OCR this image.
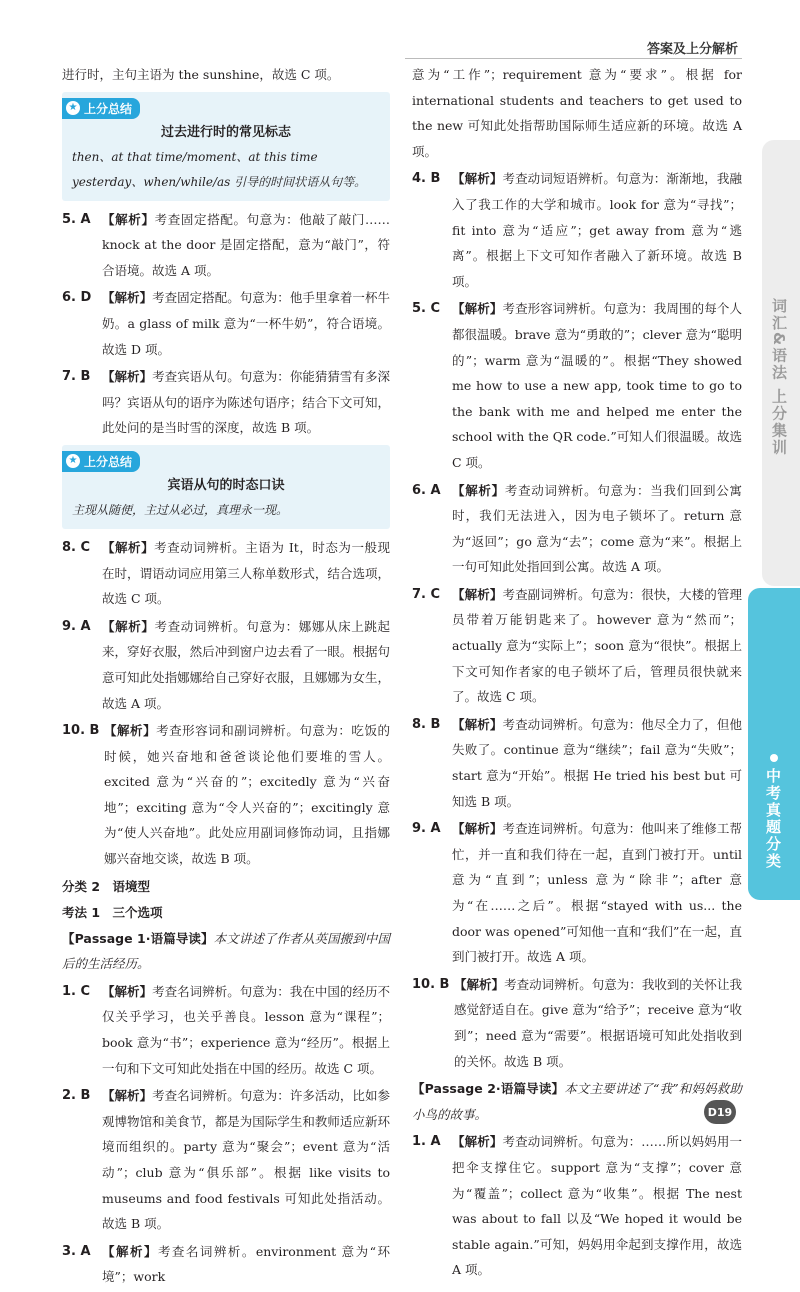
答案及上分解析

进行时，主句主语为 the sunshine，故选 C 项。

★ 上分总结
过去进行时的常见标志
then、at that time/moment、at this time yesterday、when/while/as 引导的时间状语从句等。

5. A 【解析】考查固定搭配。句意为：他敲了敲门……knock at the door 是固定搭配，意为“敲门”，符合语境。故选 A 项。

6. D 【解析】考查固定搭配。句意为：他手里拿着一杯牛奶。a glass of milk 意为“一杯牛奶”，符合语境。故选 D 项。

7. B 【解析】考查宾语从句。句意为：你能猜猜雪有多深吗？宾语从句的语序为陈述句语序；结合下文可知，此处问的是当时雪的深度，故选 B 项。

★ 上分总结
宾语从句的时态口诀
主现从随便，主过从必过，真理永一现。

8. C 【解析】考查动词辨析。主语为 It，时态为一般现在时，谓语动词应用第三人称单数形式，结合选项，故选 C 项。

9. A 【解析】考查动词辨析。句意为：娜娜从床上跳起来，穿好衣服，然后冲到窗户边去看了一眼。根据句意可知此处指娜娜给自己穿好衣服，且娜娜为女生，故选 A 项。

10. B 【解析】考查形容词和副词辨析。句意为：吃饭的时候，她兴奋地和爸爸谈论他们要堆的雪人。excited 意为“兴奋的”；excitedly 意为“兴奋地”；exciting 意为“令人兴奋的”；excitingly 意为“使人兴奋地”。此处应用副词修饰动词，且指娜娜兴奋地交谈，故选 B 项。

分类 2　语境型
考法 1　三个选项

【Passage 1·语篇导读】本文讲述了作者从英国搬到中国后的生活经历。

1. C 【解析】考查名词辨析。句意为：我在中国的经历不仅关乎学习，也关乎善良。lesson 意为“课程”；book 意为“书”；experience 意为“经历”。根据上一句和下文可知此处指在中国的经历。故选 C 项。

2. B 【解析】考查名词辨析。句意为：许多活动，比如参观博物馆和美食节，都是为国际学生和教师适应新环境而组织的。party 意为“聚会”；event 意为“活动”；club 意为“俱乐部”。根据 like visits to museums and food festivals 可知此处指活动。故选 B 项。

3. A 【解析】考查名词辨析。environment 意为“环境”；work

意为“工作”；requirement 意为“要求”。根据 for international students and teachers to get used to the new 可知此处指帮助国际师生适应新的环境。故选 A 项。

4. B 【解析】考查动词短语辨析。句意为：渐渐地，我融入了我工作的大学和城市。look for 意为“寻找”；fit into 意为“适应”；get away from 意为“逃离”。根据上下文可知作者融入了新环境。故选 B 项。

5. C 【解析】考查形容词辨析。句意为：我周围的每个人都很温暖。brave 意为“勇敢的”；clever 意为“聪明的”；warm 意为“温暖的”。根据“They showed me how to use a new app, took time to go to the bank with me and helped me enter the school with the QR code.”可知人们很温暖。故选 C 项。

6. A 【解析】考查动词辨析。句意为：当我们回到公寓时，我们无法进入，因为电子锁坏了。return 意为“返回”；go 意为“去”；come 意为“来”。根据上一句可知此处指回到公寓。故选 A 项。

7. C 【解析】考查副词辨析。句意为：很快，大楼的管理员带着万能钥匙来了。however 意为“然而”；actually 意为“实际上”；soon 意为“很快”。根据上下文可知作者家的电子锁坏了后，管理员很快就来了。故选 C 项。

8. B 【解析】考查动词辨析。句意为：他尽全力了，但他失败了。continue 意为“继续”；fail 意为“失败”；start 意为“开始”。根据 He tried his best but 可知选 B 项。

9. A 【解析】考查连词辨析。句意为：他叫来了维修工帮忙，并一直和我们待在一起，直到门被打开。until 意为“直到”；unless 意为“除非”；after 意为“在……之后”。根据“stayed with us... the door was opened”可知他一直和“我们”在一起，直到门被打开。故选 A 项。

10. B 【解析】考查动词辨析。句意为：我收到的关怀让我感觉舒适自在。give 意为“给予”；receive 意为“收到”；need 意为“需要”。根据语境可知此处指收到的关怀。故选 B 项。

【Passage 2·语篇导读】本文主要讲述了“我”和妈妈救助小鸟的故事。

1. A 【解析】考查动词辨析。句意为：……所以妈妈用一把伞支撑住它。support 意为“支撑”；cover 意为“覆盖”；collect 意为“收集”。根据 The nest was about to fall 以及“We hoped it would be stable again.”可知，妈妈用伞起到支撑作用，故选 A 项。

词汇&语法 上分集训
中考真题分类
D19
